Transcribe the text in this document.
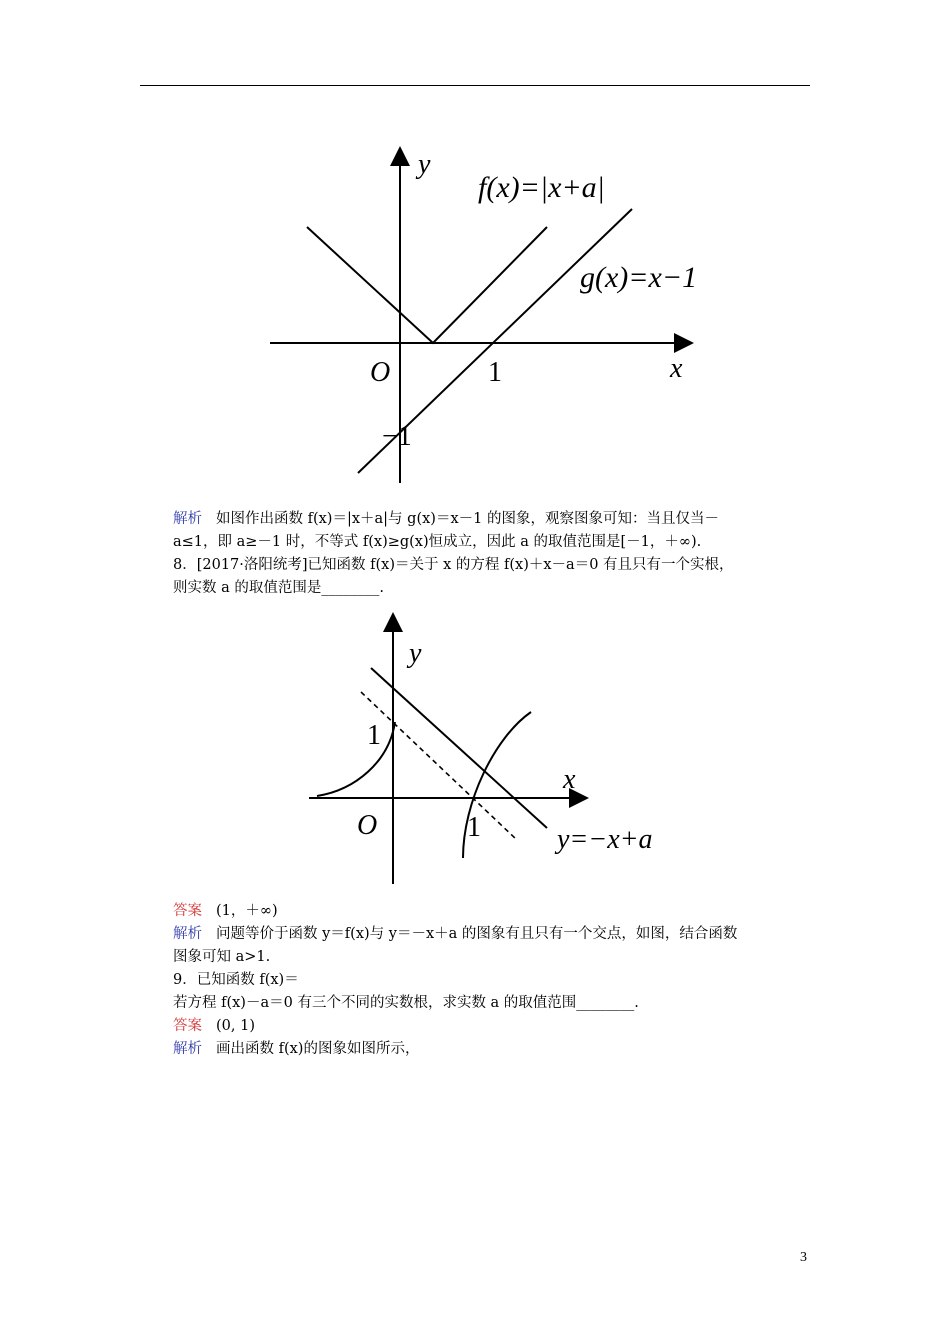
y
x
O	1
−1
f(x)=|x+a|
g(x)=x−1
解析 如图作出函数 f(x)＝|x＋a|与 g(x)＝x－1 的图象，观察图象可知：当且仅当－
a≤1，即 a≥－1 时，不等式 f(x)≥g(x)恒成立，因此 a 的取值范围是[－1，＋∞).
8．[2017·洛阳统考]已知函数 f(x)＝关于 x 的方程 f(x)＋x－a＝0 有且只有一个实根，
则实数 a 的取值范围是________.
y
x
O	1
1
y=−x+a
答案 (1，＋∞)
解析 问题等价于函数 y＝f(x)与 y＝－x＋a 的图象有且只有一个交点，如图，结合函数
图象可知 a>1.
9．已知函数 f(x)＝
若方程 f(x)－a＝0 有三个不同的实数根，求实数 a 的取值范围________.
答案 (0, 1)
解析 画出函数 f(x)的图象如图所示，
3
